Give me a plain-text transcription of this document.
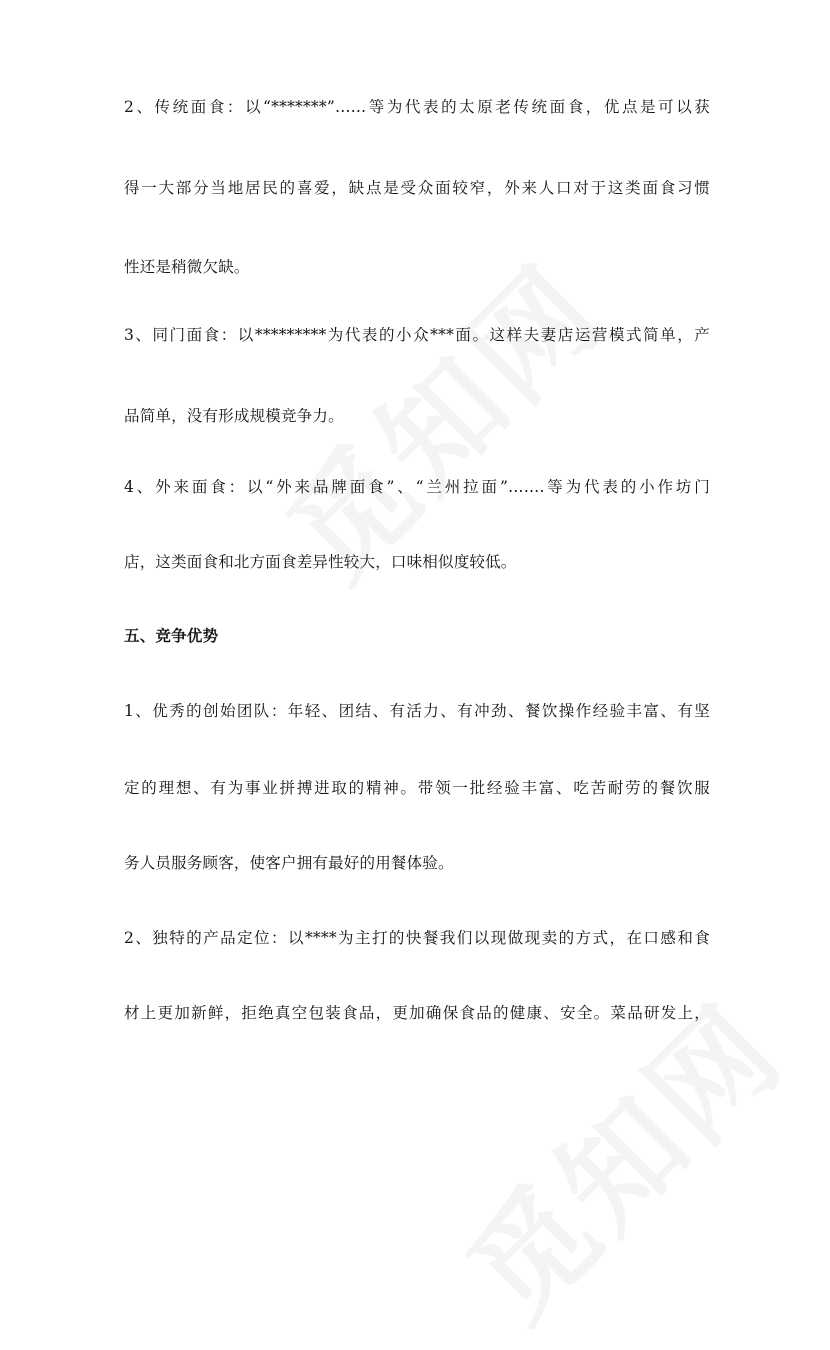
2、传统面食：以“*******”……等为代表的太原老传统面食，优点是可以获

得一大部分当地居民的喜爱，缺点是受众面较窄，外来人口对于这类面食习惯

性还是稍微欠缺。

3、同门面食：以*********为代表的小众***面。这样夫妻店运营模式简单，产

品简单，没有形成规模竞争力。

4、外来面食：以“外来品牌面食”、“兰州拉面”…….等为代表的小作坊门

店，这类面食和北方面食差异性较大，口味相似度较低。

五、竞争优势

1、优秀的创始团队：年轻、团结、有活力、有冲劲、餐饮操作经验丰富、有坚

定的理想、有为事业拼搏进取的精神。带领一批经验丰富、吃苦耐劳的餐饮服

务人员服务顾客，使客户拥有最好的用餐体验。

2、独特的产品定位：以****为主打的快餐我们以现做现卖的方式，在口感和食

材上更加新鲜，拒绝真空包装食品，更加确保食品的健康、安全。菜品研发上，
